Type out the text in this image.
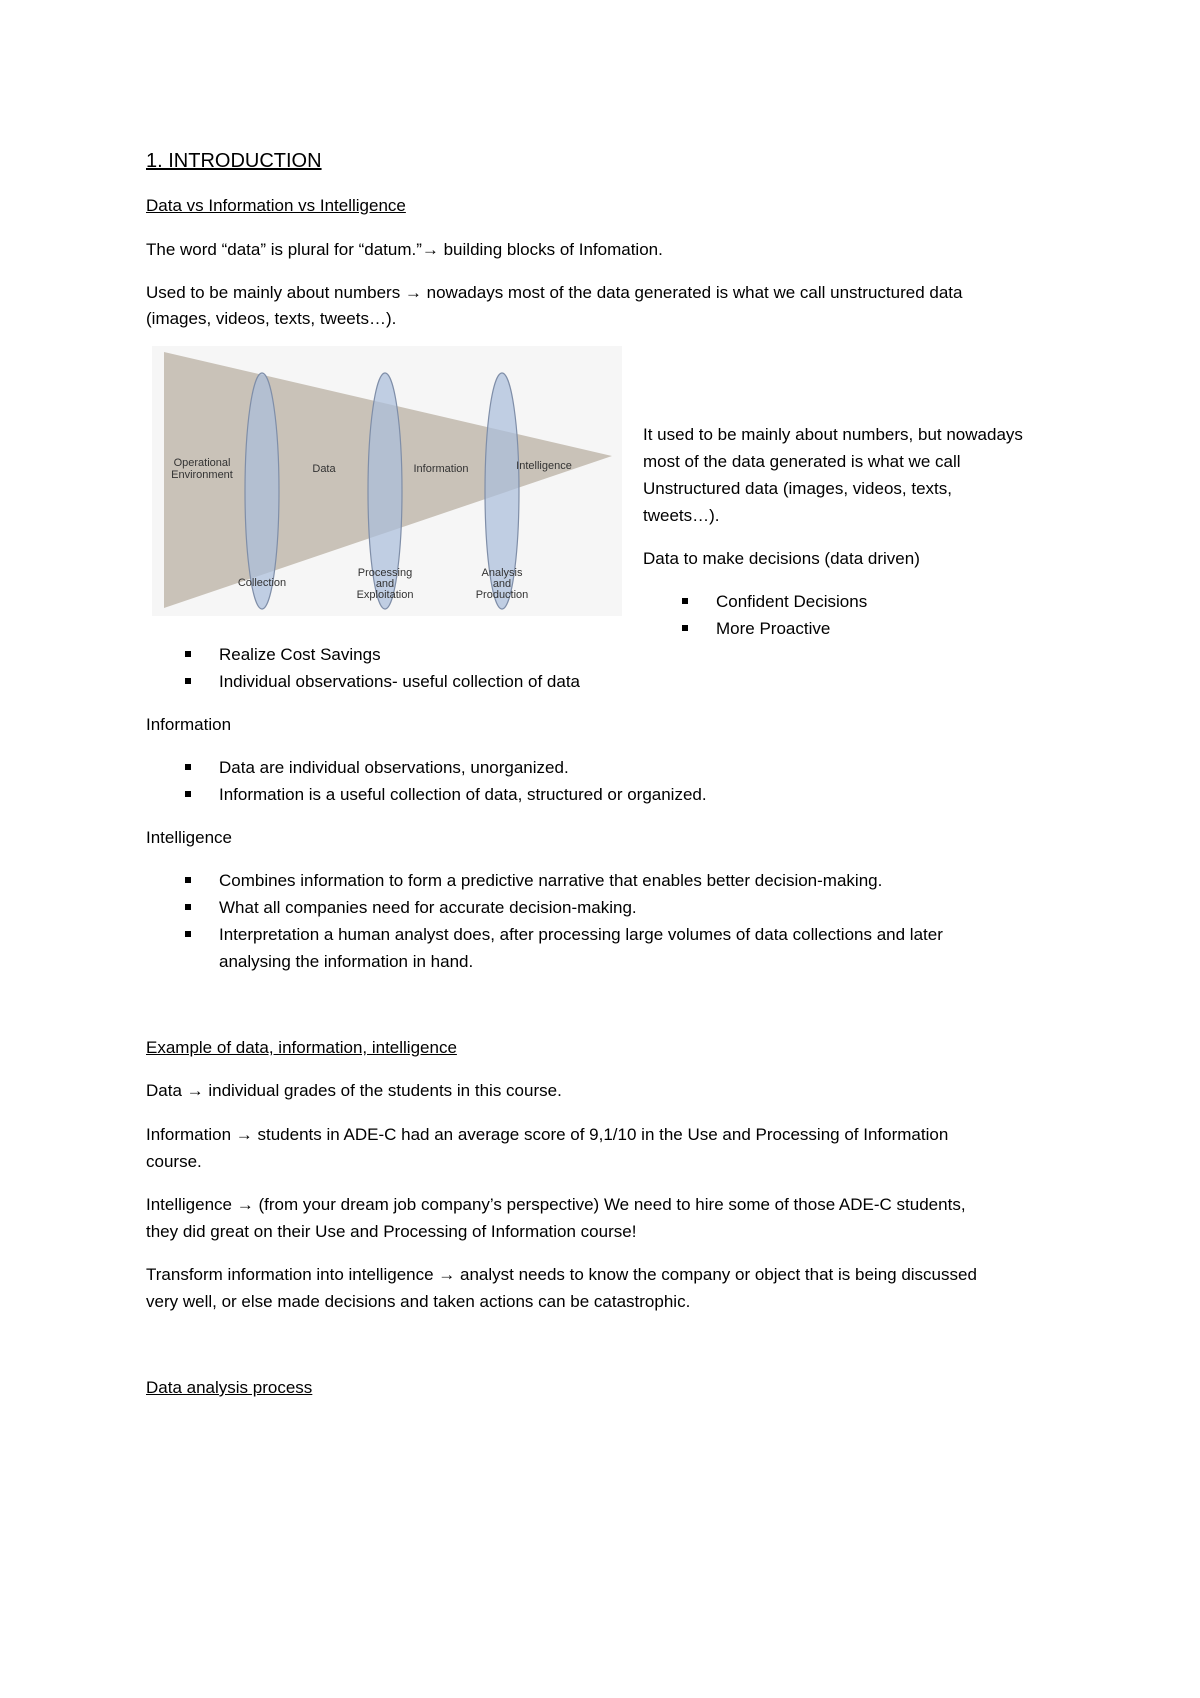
1. INTRODUCTION
Data vs Information vs Intelligence
The word “data” is plural for “datum.”→ building blocks of Infomation.
Used to be mainly about numbers → nowadays most of the data generated is what we call unstructured data
(images, videos, texts, tweets…).
Operational
Environment	Data	Information	Intelligence
Collection
Processing
and
Exploitation
Analysis
and
Production
It used to be mainly about numbers, but nowadays
most of the data generated is what we call
Unstructured data (images, videos, texts,
tweets…).
Data to make decisions (data driven)
Confident Decisions
More Proactive
Realize Cost Savings
Individual observations- useful collection of data
Information
Data are individual observations, unorganized.
Information is a useful collection of data, structured or organized.
Intelligence
Combines information to form a predictive narrative that enables better decision-making.
What all companies need for accurate decision-making.
Interpretation a human analyst does, after processing large volumes of data collections and later
analysing the information in hand.
Example of data, information, intelligence
Data → individual grades of the students in this course.
Information → students in ADE-C had an average score of 9,1/10 in the Use and Processing of Information
course.
Intelligence → (from your dream job company’s perspective) We need to hire some of those ADE-C students,
they did great on their Use and Processing of Information course!
Transform information into intelligence → analyst needs to know the company or object that is being discussed
very well, or else made decisions and taken actions can be catastrophic.
Data analysis process
